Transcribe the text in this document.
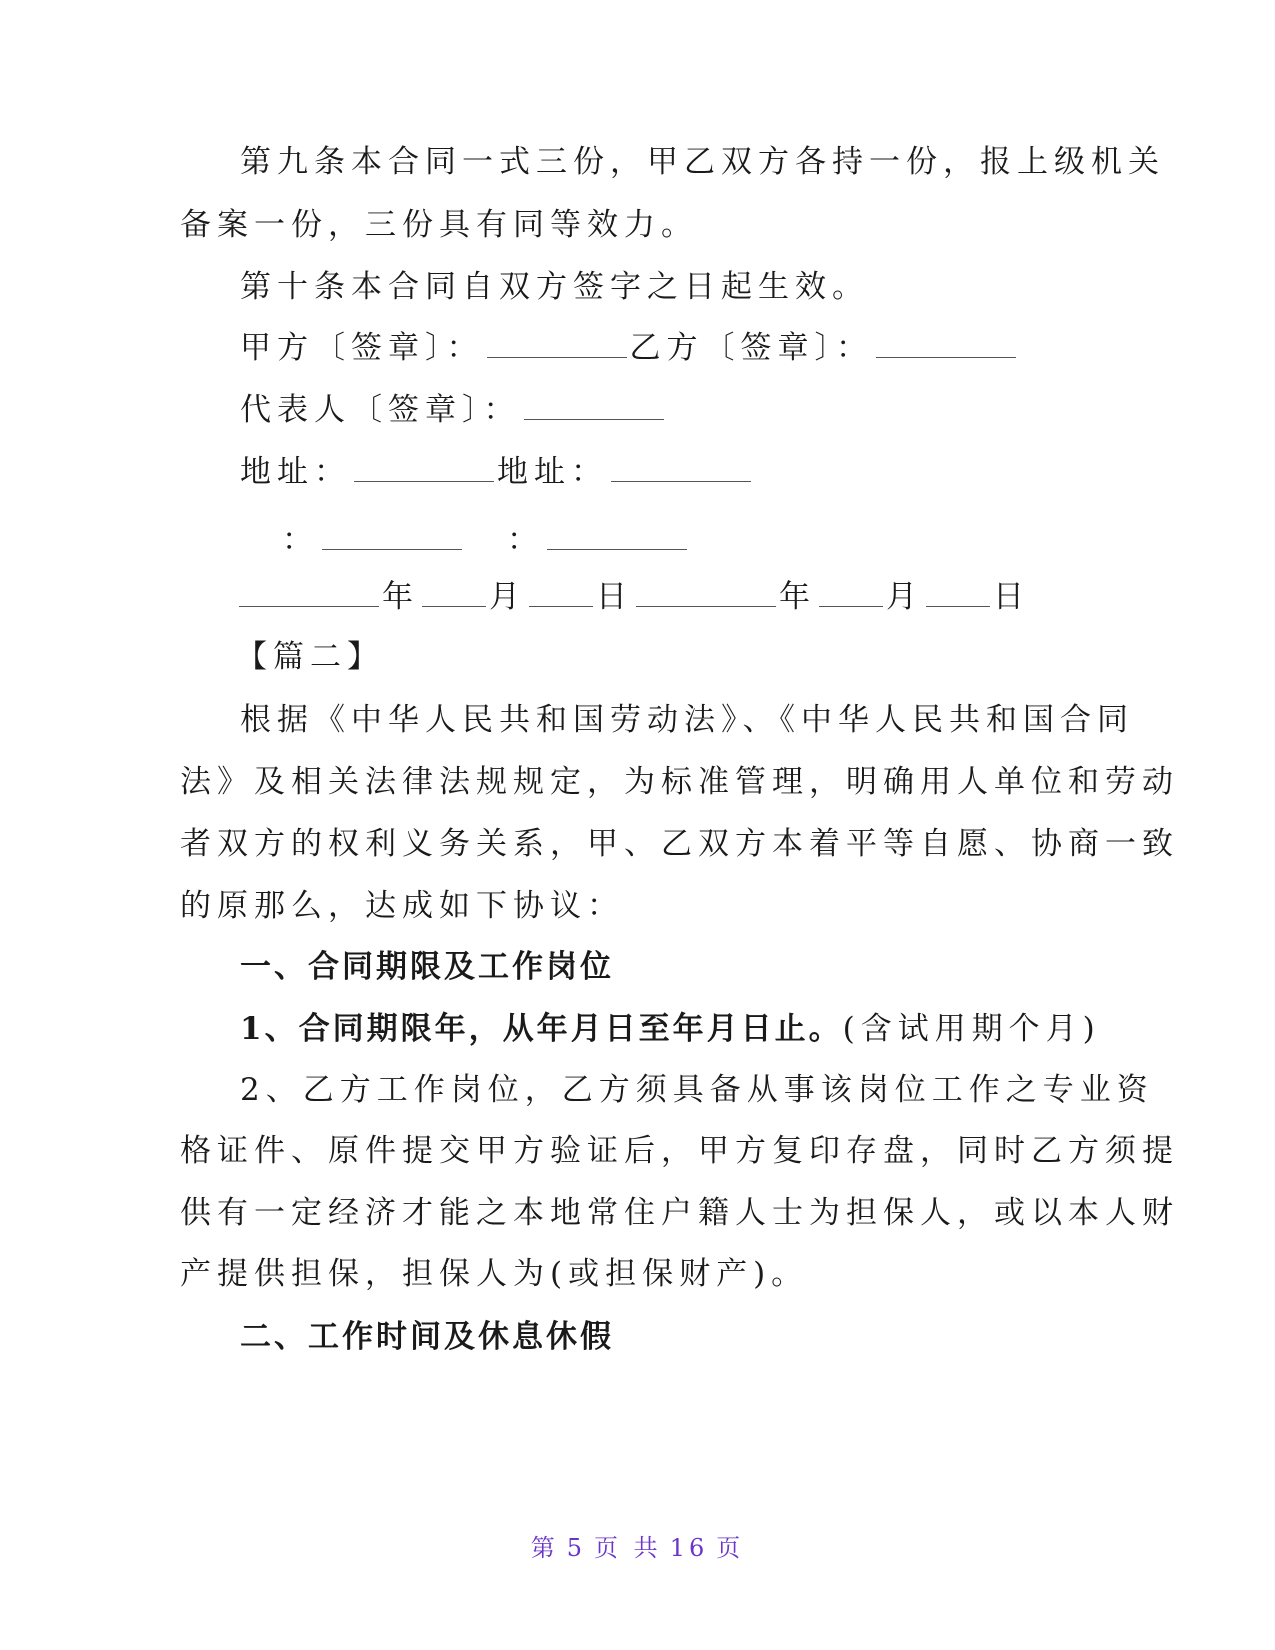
第九条本合同一式三份，甲乙双方各持一份，报上级机关
备案一份，三份具有同等效力。
第十条本合同自双方签字之日起生效。
甲方〔签章〕：	乙方〔签章〕：
代表人〔签章〕：
地址：	地址：
：	：
年 月 日	年 月 日
【篇二】
根据《中华人民共和国劳动法》、《中华人民共和国合同
法》及相关法律法规规定，为标准管理，明确用人单位和劳动
者双方的权利义务关系，甲、乙双方本着平等自愿、协商一致
的原那么，达成如下协议：
一、合同期限及工作岗位
1、合同期限年，从年月日至年月日止。(含试用期个月)
2、乙方工作岗位，乙方须具备从事该岗位工作之专业资
格证件、原件提交甲方验证后，甲方复印存盘，同时乙方须提
供有一定经济才能之本地常住户籍人士为担保人，或以本人财
产提供担保，担保人为(或担保财产)。
二、工作时间及休息休假
第 5 页 共 16 页
